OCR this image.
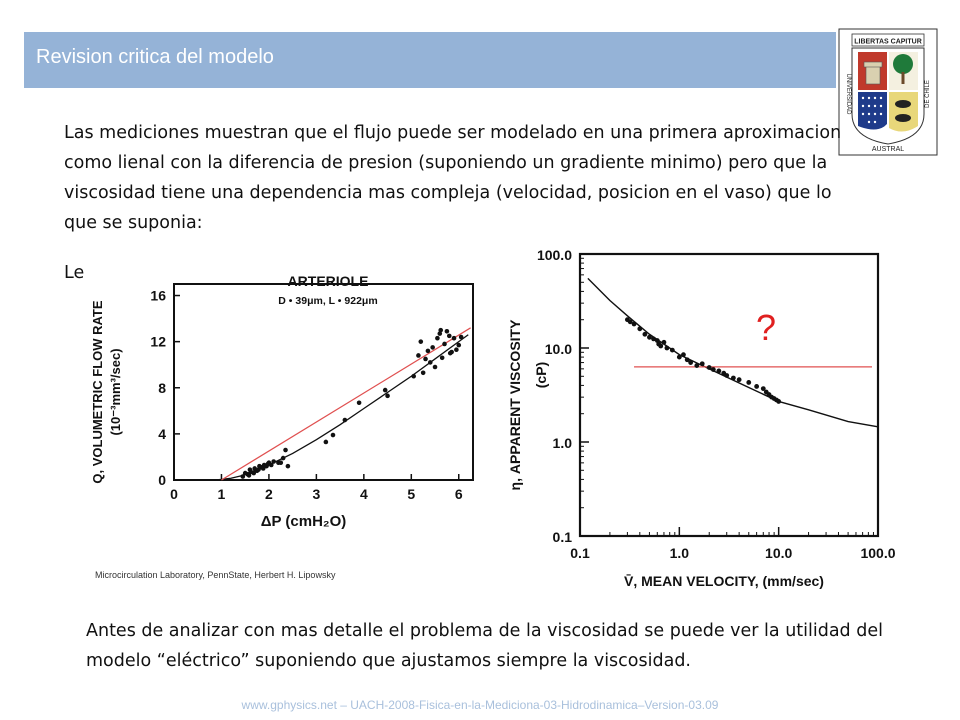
Revision critica del modelo
LIBERTAS CAPITUR
UNIVERSIDAD	DE CHILE
AUSTRAL

Las mediciones muestran que el flujo puede ser modelado en una primera aproximacion como lienal con la diferencia de presion (suponiendo un gradiente minimo) pero que la viscosidad tiene una dependencia mas compleja (velocidad, posicion en el vaso) que lo que se suponia:

Le
0	1	2	3	4	5	6
0
4
8
12
16
ΔP (cmH₂O)
Q, VOLUMETRIC FLOW RATE (10⁻³mm³/sec)
ARTERIOLE
D • 39μm, L • 922μm
0.1	1.0	10.0	100.0
0.1
1.0
10.0
100.0
V̄, MEAN VELOCITY, (mm/sec)
η, APPARENT VISCOSITY (cP)
?
Microcirculation Laboratory, PennState, Herbert H. Lipowsky

Antes de analizar con mas detalle el problema de la viscosidad se puede ver la utilidad del modelo “eléctrico” suponiendo que ajustamos siempre la viscosidad.

www.gphysics.net – UACH-2008-Fisica-en-la-Mediciona-03-Hidrodinamica–Version-03.09
